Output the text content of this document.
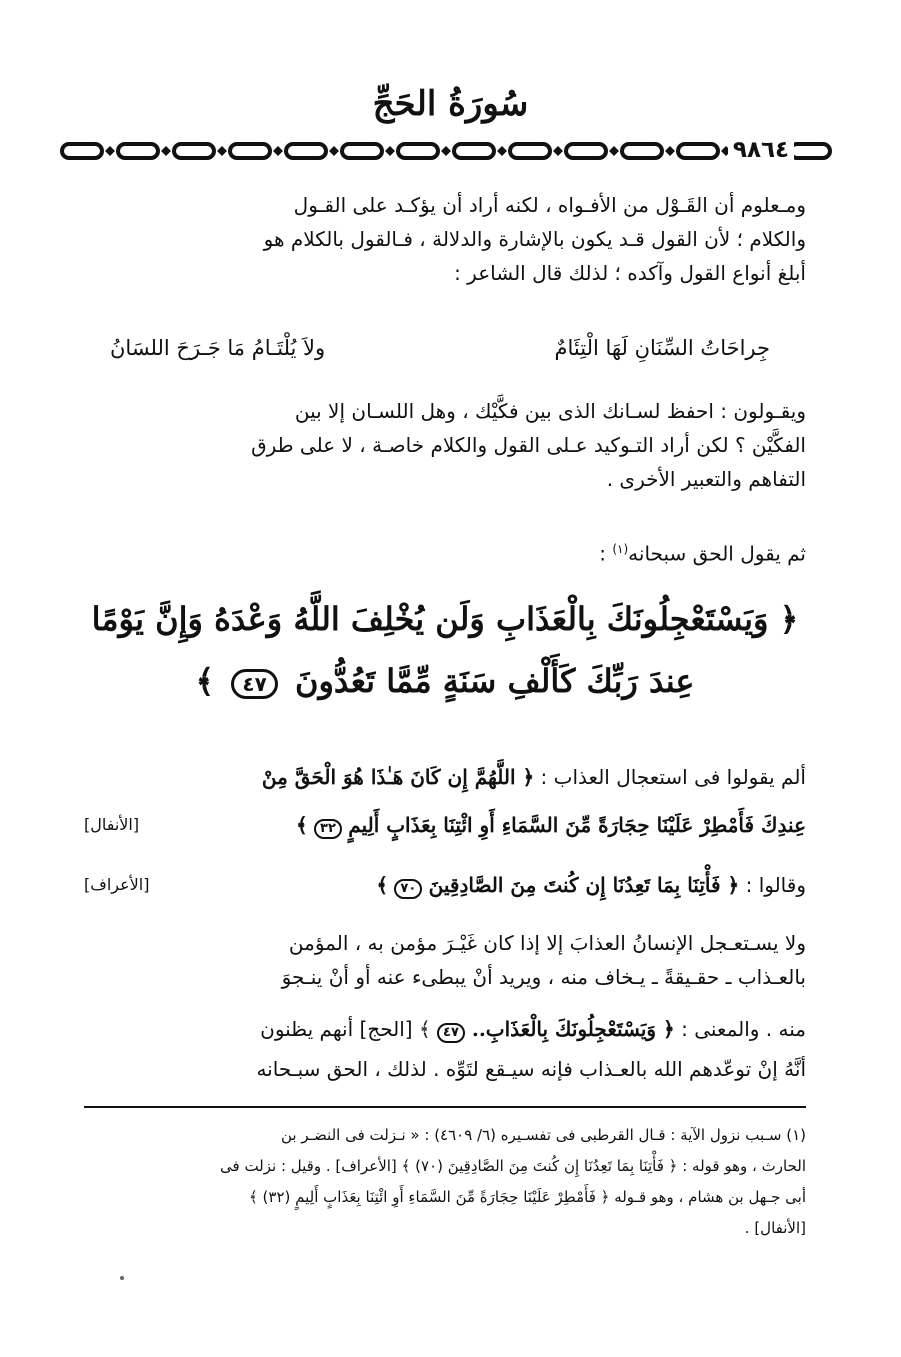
سُورَةُ الحَجِّ
٩٨٦٤
ومـعلوم أن القَـوْل من الأفـواه ، لكنه أراد أن يؤكـد على القـول
والكلام ؛ لأن القول قـد يكون بالإشارة والدلالة ، فـالقول بالكلام هو
أبلغ أنواع القول وآكده ؛ لذلك قال الشاعر :
جِراحَاتُ السِّنَانِ لَهَا الْتِئَامٌ
ولاَ يُلْتَـامُ مَا جَـرَحَ اللسَانُ
ويقـولون : احفظ لسـانك الذى بين فكَّيْك ، وهل اللسـان إلا بين
الفكَّيْن ؟ لكن أراد التـوكيد عـلى القول والكلام خاصـة ، لا على طرق
التفاهم والتعبير الأخرى .
ثم يقول الحق سبحانه$^{(١)}$ :
﴿ وَيَسْتَعْجِلُونَكَ بِالْعَذَابِ وَلَن يُخْلِفَ اللَّهُ وَعْدَهُ وَإِنَّ يَوْمًا
عِندَ رَبِّكَ كَأَلْفِ سَنَةٍ مِّمَّا تَعُدُّونَ ٤٧ ﴾
ألم يقولوا فى استعجال العذاب : ﴿ اللَّهُمَّ إِن كَانَ هَـٰذَا هُوَ الْحَقَّ مِنْ
عِندِكَ فَأَمْطِرْ عَلَيْنَا حِجَارَةً مِّنَ السَّمَاءِ أَوِ ائْتِنَا بِعَذَابٍ أَلِيمٍ ٣٢ ﴾
[الأنفال]
وقالوا : ﴿ فَأْتِنَا بِمَا تَعِدُنَا إِن كُنتَ مِنَ الصَّادِقِينَ ٧٠ ﴾
[الأعراف]
ولا يسـتعـجل الإنسانُ العذابَ إلا إذا كان غَيْـرَ مؤمن به ، المؤمن
بالعـذاب ـ حقـيقةً ـ يـخاف منه ، ويريد أنْ يبطىء عنه أو أنْ ينـجوَ
منه . والمعنى : ﴿ وَيَسْتَعْجِلُونَكَ بِالْعَذَابِ.. ٤٧ ﴾ [الحج] أنهم يظنون
أنَّهُ إنْ توعّدهم الله بالعـذاب فإنه سيـقع لتَوِّه . لذلك ، الحق سبـحانه
(١) سـبب نزول الآية : قـال القرطبى فى تفسـيره (٦/ ٤٦٠٩) : « نـزلت فى النضـر بن
الحارث ، وهو قوله : ﴿ فَأْتِنَا بِمَا تَعِدُنَا إِن كُنتَ مِنَ الصَّادِقِينَ (٧٠) ﴾ [الأعراف] . وقيل : نزلت فى
أبى جـهل بن هشام ، وهو قـوله ﴿ فَأَمْطِرْ عَلَيْنَا حِجَارَةً مِّنَ السَّمَاءِ أَوِ ائْتِنَا بِعَذَابٍ أَلِيمٍ (٣٢) ﴾
[الأنفال] .
